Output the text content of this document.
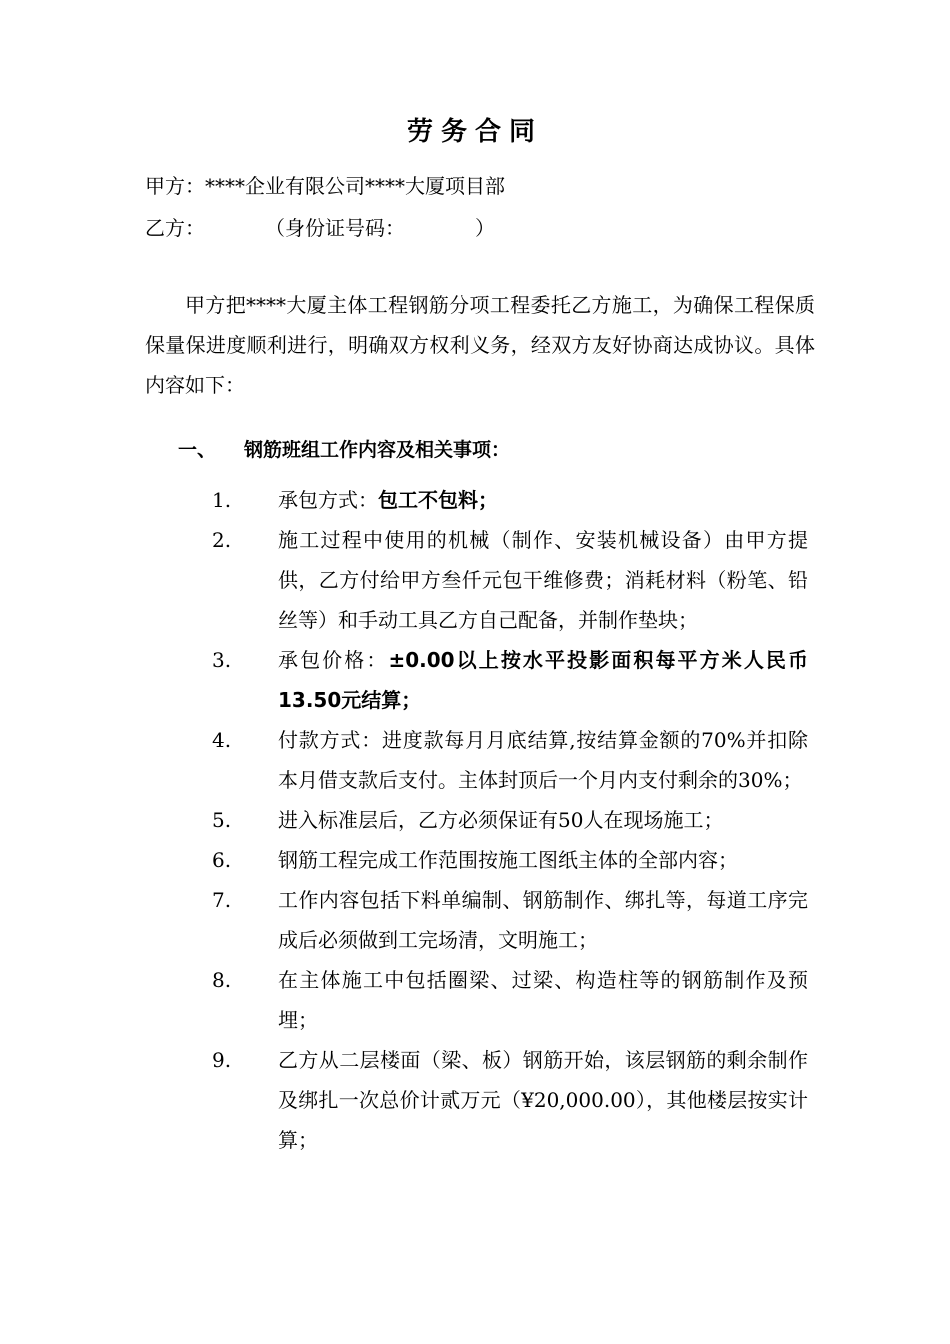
劳务合同
甲方：****企业有限公司****大厦项目部
乙方：　　　　（身份证号码：　　　　）
甲方把****大厦主体工程钢筋分项工程委托乙方施工，为确保工程保质保量保进度顺利进行，明确双方权利义务，经双方友好协商达成协议。具体内容如下：
一、 钢筋班组工作内容及相关事项：
1.	承包方式：包工不包料；
2.	施工过程中使用的机械（制作、安装机械设备）由甲方提供，乙方付给甲方叁仟元包干维修费；消耗材料（粉笔、铅丝等）和手动工具乙方自己配备，并制作垫块；
3.	承包价格：±0.00以上按水平投影面积每平方米人民币13.50元结算；
4.	付款方式：进度款每月月底结算,按结算金额的70%并扣除本月借支款后支付。主体封顶后一个月内支付剩余的30%；
5.	进入标准层后，乙方必须保证有50人在现场施工；
6.	钢筋工程完成工作范围按施工图纸主体的全部内容；
7.	工作内容包括下料单编制、钢筋制作、绑扎等，每道工序完成后必须做到工完场清，文明施工；
8.	在主体施工中包括圈梁、过梁、构造柱等的钢筋制作及预埋；
9.	乙方从二层楼面（梁、板）钢筋开始，该层钢筋的剩余制作及绑扎一次总价计贰万元（¥20,000.00），其他楼层按实计算；
